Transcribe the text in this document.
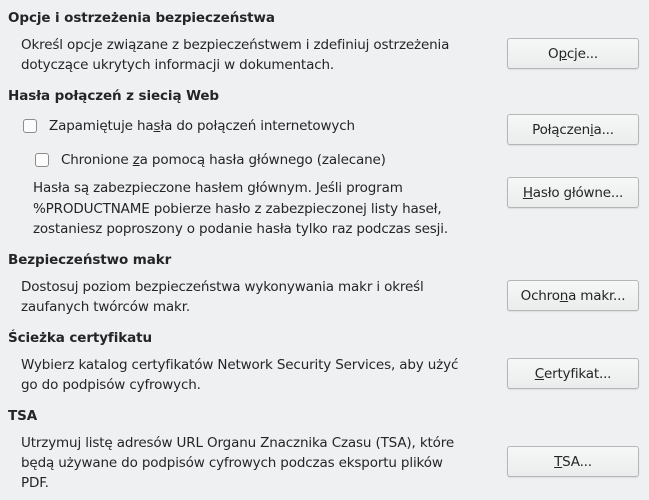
Opcje i ostrzeżenia bezpieczeństwa
Określ opcje związane z bezpieczeństwem i zdefiniuj ostrzeżenia
dotyczące ukrytych informacji w dokumentach.
O p cje...
Hasła połączeń z siecią Web
Zapamiętuje hasła do połączeń internetowych	Połączen i a...
Chronione za pomocą hasła głównego (zalecane)
Hasła są zabezpieczone hasłem głównym. Jeśli program
%PRODUCTNAME pobierze hasło z zabezpieczonej listy haseł,
zostaniesz poproszony o podanie hasła tylko raz podczas sesji.
H asło główne...
Bezpieczeństwo makr
Dostosuj poziom bezpieczeństwa wykonywania makr i określ
zaufanych twórców makr.
Ochro n a makr...
Ścieżka certyfikatu
Wybierz katalog certyfikatów Network Security Services, aby użyć
go do podpisów cyfrowych.
C ertyfikat...
TSA
Utrzymuj listę adresów URL Organu Znacznika Czasu (TSA), które
będą używane do podpisów cyfrowych podczas eksportu plików
PDF.
T SA...
